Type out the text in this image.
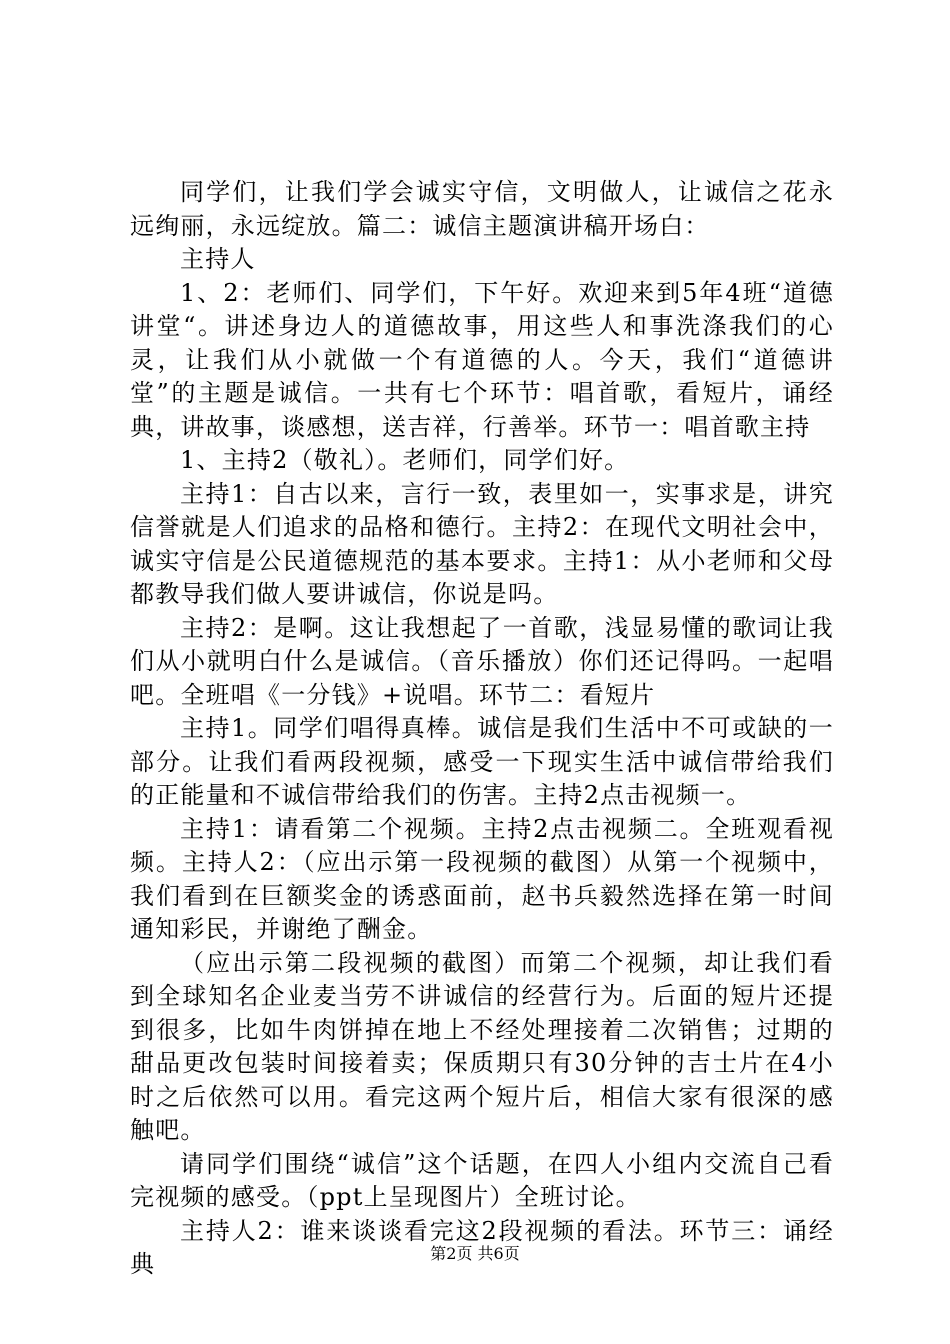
同学们，让我们学会诚实守信，文明做人，让诚信之花永远绚丽，永远绽放。篇二：诚信主题演讲稿开场白：

主持人

1、2：老师们、同学们，下午好。欢迎来到5年4班“道德讲堂“。讲述身边人的道德故事，用这些人和事洗涤我们的心灵，让我们从小就做一个有道德的人。今天，我们“道德讲堂”的主题是诚信。一共有七个环节：唱首歌，看短片，诵经典，讲故事，谈感想，送吉祥，行善举。环节一：唱首歌主持

1、主持2（敬礼）。老师们，同学们好。

主持1：自古以来，言行一致，表里如一，实事求是，讲究信誉就是人们追求的品格和德行。主持2：在现代文明社会中，诚实守信是公民道德规范的基本要求。主持1：从小老师和父母都教导我们做人要讲诚信，你说是吗。

主持2：是啊。这让我想起了一首歌，浅显易懂的歌词让我们从小就明白什么是诚信。（音乐播放）你们还记得吗。一起唱吧。全班唱《一分钱》+说唱。环节二：看短片

主持1。同学们唱得真棒。诚信是我们生活中不可或缺的一部分。让我们看两段视频，感受一下现实生活中诚信带给我们的正能量和不诚信带给我们的伤害。主持2点击视频一。

主持1：请看第二个视频。主持2点击视频二。全班观看视频。主持人2：（应出示第一段视频的截图）从第一个视频中，我们看到在巨额奖金的诱惑面前，赵书兵毅然选择在第一时间通知彩民，并谢绝了酬金。

（应出示第二段视频的截图）而第二个视频，却让我们看到全球知名企业麦当劳不讲诚信的经营行为。后面的短片还提到很多，比如牛肉饼掉在地上不经处理接着二次销售；过期的甜品更改包装时间接着卖；保质期只有30分钟的吉士片在4小时之后依然可以用。看完这两个短片后，相信大家有很深的感触吧。

请同学们围绕“诚信”这个话题，在四人小组内交流自己看完视频的感受。（ppt上呈现图片）全班讨论。

主持人2：谁来谈谈看完这2段视频的看法。环节三：诵经典	第2页 共6页
